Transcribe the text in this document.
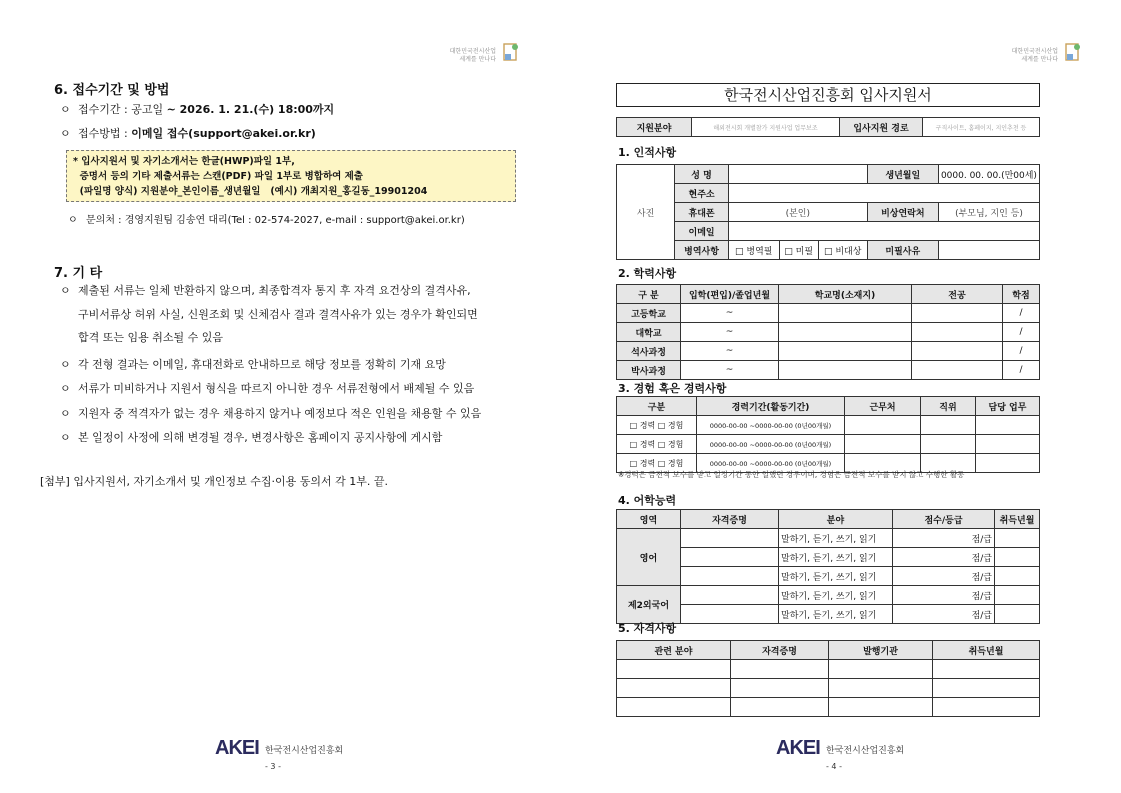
대한민국전시산업
세계를 만나다
6. 접수기간 및 방법
ㅇ 접수기간 : 공고일 ~ 2026. 1. 21.(수) 18:00까지
ㅇ 접수방법 : 이메일 접수(support@akei.or.kr)
* 입사지원서 및 자기소개서는 한글(HWP)파일 1부,
증명서 등의 기타 제출서류는 스캔(PDF) 파일 1부로 병합하여 제출
(파일명 양식) 지원분야_본인이름_생년월일   (예시) 개최지원_홍길동_19901204
ㅇ 문의처 : 경영지원팀 김송연 대리(Tel : 02-574-2027, e-mail : support@akei.or.kr)
7. 기 타
ㅇ 제출된 서류는 일체 반환하지 않으며, 최종합격자 통지 후 자격 요건상의 결격사유,
구비서류상 허위 사실, 신원조회 및 신체검사 결과 결격사유가 있는 경우가 확인되면
합격 또는 임용 취소될 수 있음
ㅇ 각 전형 결과는 이메일, 휴대전화로 안내하므로 해당 정보를 정확히 기재 요망
ㅇ 서류가 미비하거나 지원서 형식을 따르지 아니한 경우 서류전형에서 배제될 수 있음
ㅇ 지원자 중 적격자가 없는 경우 채용하지 않거나 예정보다 적은 인원을 채용할 수 있음
ㅇ 본 일정이 사정에 의해 변경될 경우, 변경사항은 홈페이지 공지사항에 게시함
[첨부] 입사지원서, 자기소개서 및 개인정보 수집·이용 동의서 각 1부. 끝.
AKEI 한국전시산업진흥회
- 3 -
대한민국전시산업
세계를 만나다
한국전시산업진흥회 입사지원서
지원분야	해외전시회 개별참가 지원사업 업무보조	입사지원 경로	구직사이트, 홈페이지, 지인추천 등
1. 인적사항
사진	성 명				생년월일	0000. 00. 00.(만00세)
	현주소					
	휴대폰	(본인)			비상연락처	(부모님, 지인 등)
	이메일					
	병역사항	□ 병역필	□ 미필	□ 비대상	미필사유	
2. 학력사항
구 분	입학(편입)/졸업년월	학교명(소재지)	전공	학점
고등학교	~			/
대학교	~			/
석사과정	~			/
박사과정	~			/
3. 경험 혹은 경력사항
구분	경력기간(활동기간)	근무처	직위	담당 업무
□ 경력 □ 경험	0000-00-00 ~0000-00-00 (0년00개월)			
□ 경력 □ 경험	0000-00-00 ~0000-00-00 (0년00개월)			
□ 경력 □ 경험	0000-00-00 ~0000-00-00 (0년00개월)			
※경력은 금전적 보수를 받고 일정기간 동안 일했던 경우이며, 경험은 금전적 보수를 받지 않고 수행한 활동
4. 어학능력
영역	자격증명	분야	점수/등급	취득년월
영어		말하기, 듣기, 쓰기, 읽기	점/급	
		말하기, 듣기, 쓰기, 읽기	점/급	
		말하기, 듣기, 쓰기, 읽기	점/급	
제2외국어		말하기, 듣기, 쓰기, 읽기	점/급	
		말하기, 듣기, 쓰기, 읽기	점/급	
5. 자격사항
관련 분야	자격증명	발행기관	취득년월

AKEI 한국전시산업진흥회
- 4 -
